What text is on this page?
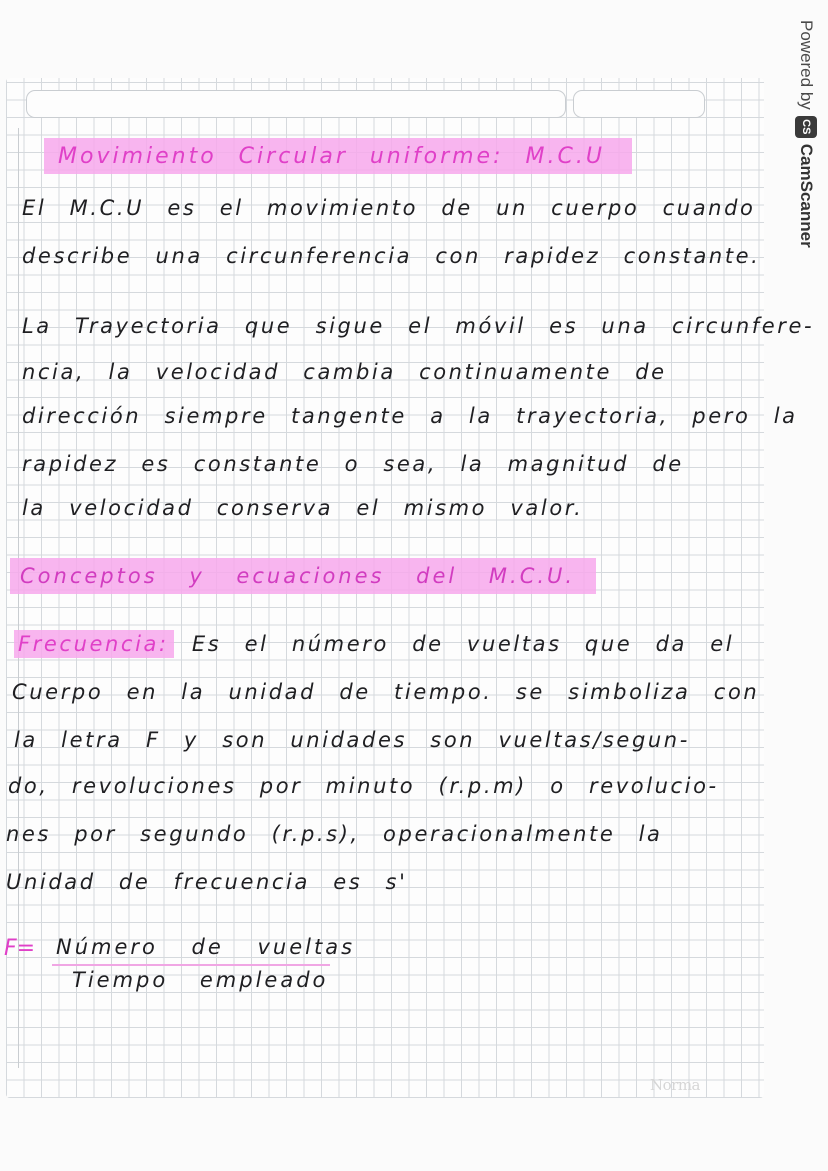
Powered by
CS
CamScanner
Movimiento Circular uniforme: M.C.U

El M.C.U es el movimiento de un cuerpo cuando

describe una circunferencia con rapidez constante.

La Trayectoria que sigue el móvil es una circunfere-

ncia, la velocidad cambia continuamente de

dirección siempre tangente a la trayectoria, pero la

rapidez es constante o sea, la magnitud de

la velocidad conserva el mismo valor.

Conceptos y ecuaciones del M.C.U.

Frecuencia: Es el número de vueltas que da el

Cuerpo en la unidad de tiempo. se simboliza con

la letra F y son unidades son vueltas/segun-

do, revoluciones por minuto (r.p.m) o revolucio-

nes por segundo (r.p.s), operacionalmente la

Unidad de frecuencia es s'

F= Número de vueltas
Tiempo empleado
Norma
